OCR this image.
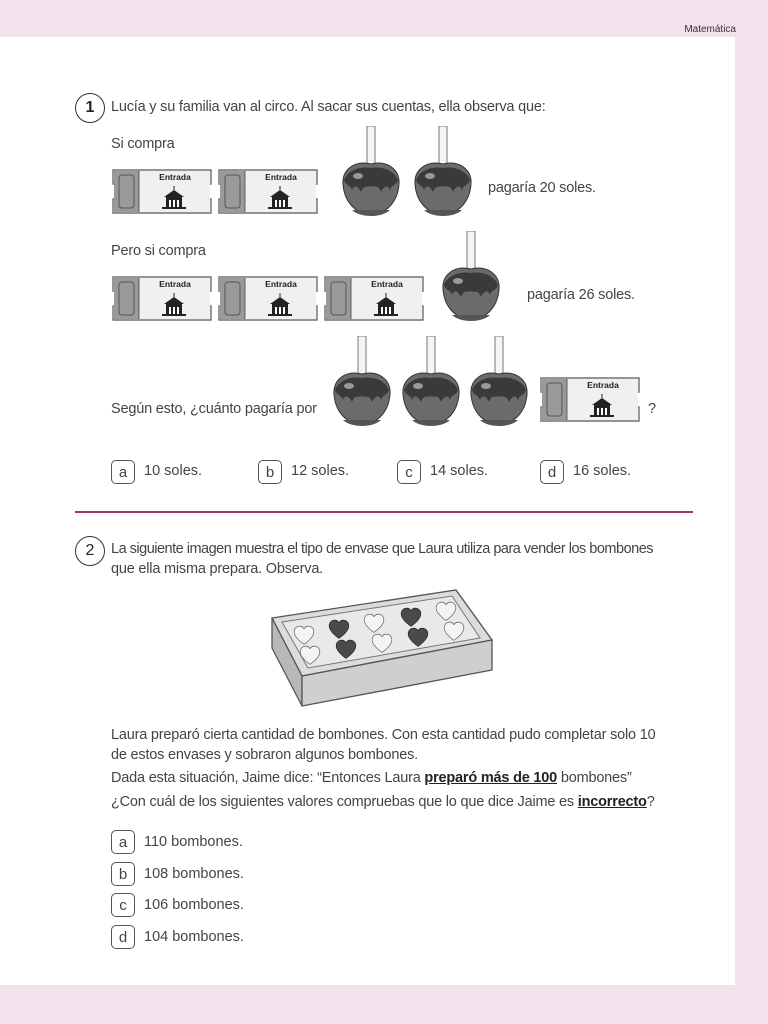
Matemática
1	Lucía y su familia van al circo. Al sacar sus cuentas, ella observa que:
Si compra
Entrada	Entrada
pagaría 20 soles.
Pero si compra
Entrada	Entrada	Entrada
pagaría 26 soles.
Según esto, ¿cuánto pagaría por
Entrada
?
a	10 soles.	b	12 soles.	c	14 soles.	d	16 soles.
2	La siguiente imagen muestra el tipo de envase que Laura utiliza para vender los bombones
que ella misma prepara. Observa.
Laura preparó cierta cantidad de bombones. Con esta cantidad pudo completar solo 10
de estos envases y sobraron algunos bombones.
Dada esta situación, Jaime dice: “Entonces Laura preparó más de 100 bombones”
¿Con cuál de los siguientes valores compruebas que lo que dice Jaime es incorrecto?
a	110 bombones.
b	108 bombones.
c	106 bombones.
d	104 bombones.
